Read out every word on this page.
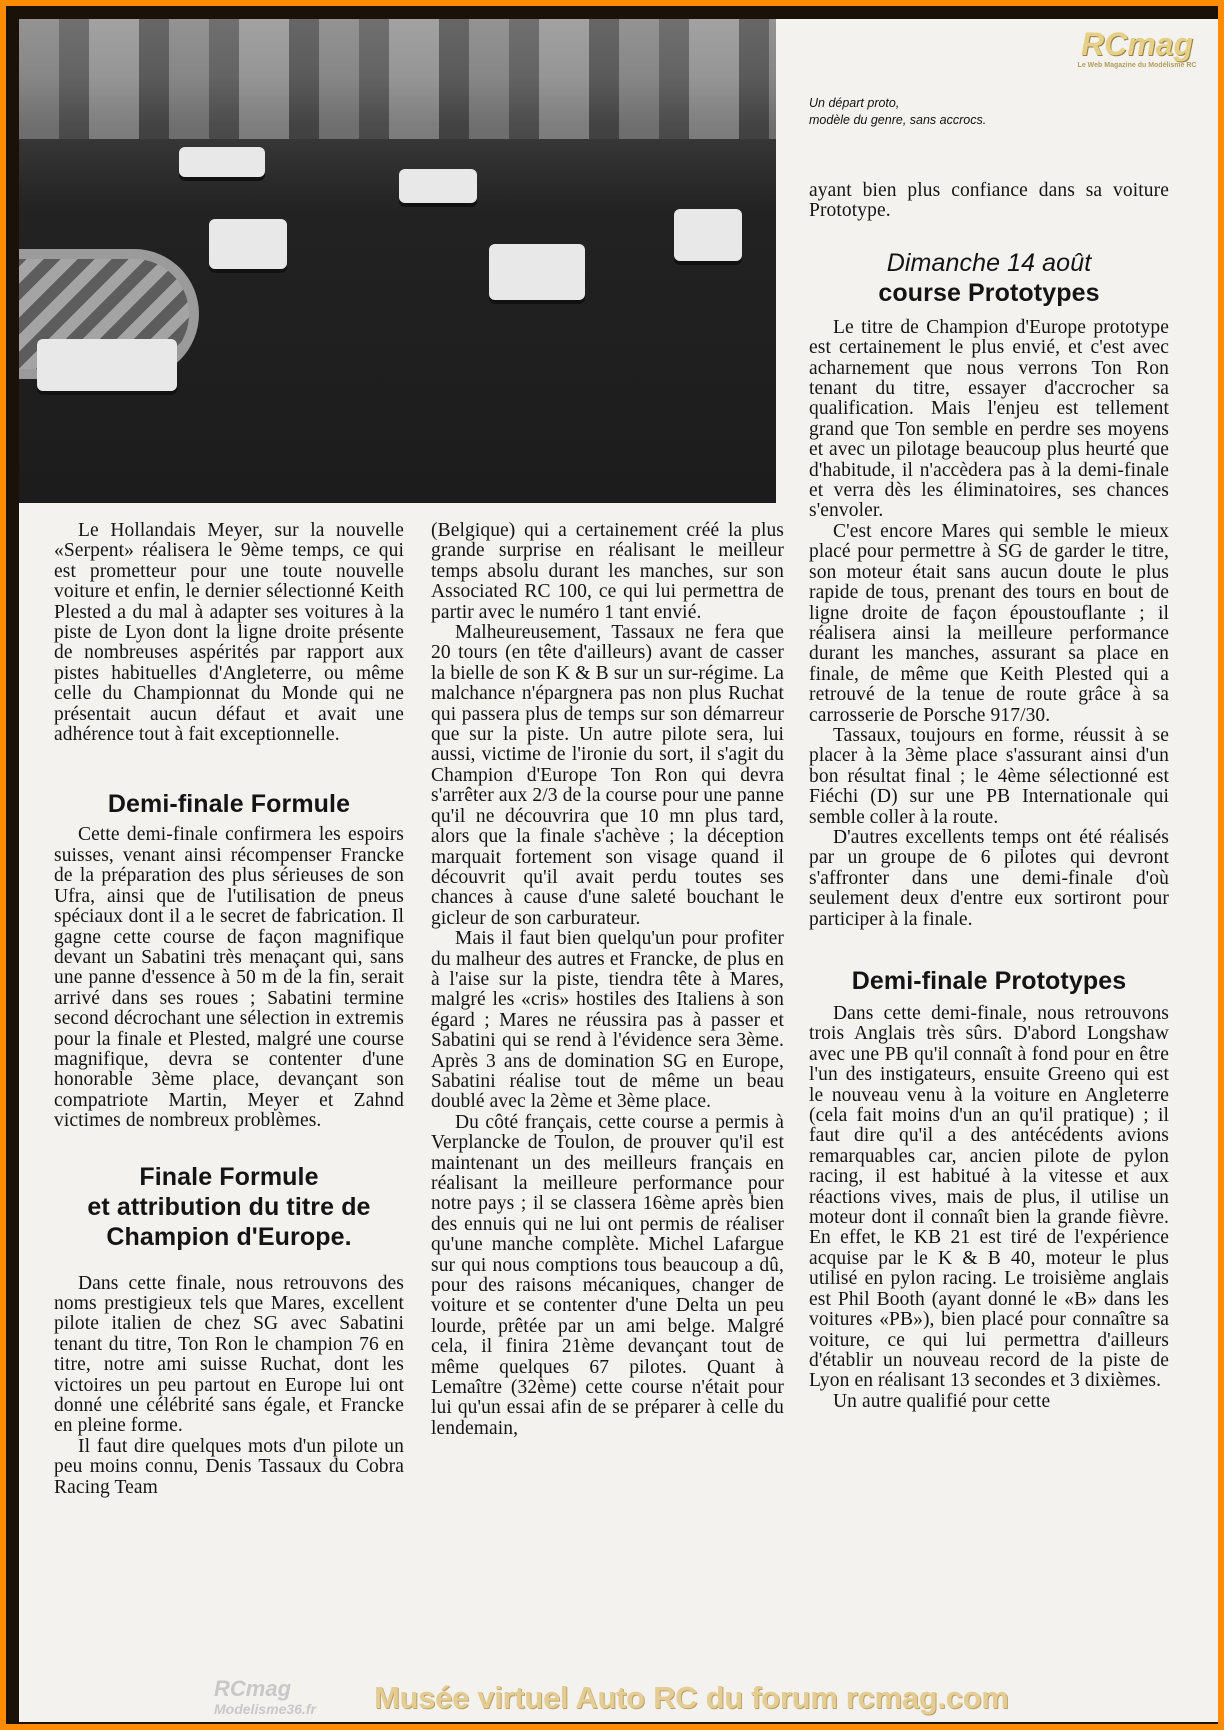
RCmag
Le Web Magazine du Modélisme RC
Un départ proto,
modèle du genre, sans accrocs.

Le Hollandais Meyer, sur la nouvelle «Serpent» réalisera le 9ème temps, ce qui est prometteur pour une toute nouvelle voiture et enfin, le dernier sélectionné Keith Plested a du mal à adapter ses voitures à la piste de Lyon dont la ligne droite présente de nombreuses aspérités par rapport aux pistes habituelles d'Angleterre, ou même celle du Championnat du Monde qui ne présentait aucun défaut et avait une adhérence tout à fait exceptionnelle.

Demi-finale Formule

Cette demi-finale confirmera les espoirs suisses, venant ainsi récompenser Francke de la préparation des plus sérieuses de son Ufra, ainsi que de l'utilisation de pneus spéciaux dont il a le secret de fabrication. Il gagne cette course de façon magnifique devant un Sabatini très menaçant qui, sans une panne d'essence à 50 m de la fin, serait arrivé dans ses roues ; Sabatini termine second décrochant une sélection in extremis pour la finale et Plested, malgré une course magnifique, devra se contenter d'une honorable 3ème place, devançant son compatriote Martin, Meyer et Zahnd victimes de nombreux problèmes.

Finale Formule
et attribution du titre de
Champion d'Europe.

Dans cette finale, nous retrouvons des noms prestigieux tels que Mares, excellent pilote italien de chez SG avec Sabatini tenant du titre, Ton Ron le champion 76 en titre, notre ami suisse Ruchat, dont les victoires un peu partout en Europe lui ont donné une célébrité sans égale, et Francke en pleine forme.

Il faut dire quelques mots d'un pilote un peu moins connu, Denis Tassaux du Cobra Racing Team

(Belgique) qui a certainement créé la plus grande surprise en réalisant le meilleur temps absolu durant les manches, sur son Associated RC 100, ce qui lui permettra de partir avec le numéro 1 tant envié.

Malheureusement, Tassaux ne fera que 20 tours (en tête d'ailleurs) avant de casser la bielle de son K & B sur un sur-régime. La malchance n'épargnera pas non plus Ruchat qui passera plus de temps sur son démarreur que sur la piste. Un autre pilote sera, lui aussi, victime de l'ironie du sort, il s'agit du Champion d'Europe Ton Ron qui devra s'arrêter aux 2/3 de la course pour une panne qu'il ne découvrira que 10 mn plus tard, alors que la finale s'achève ; la déception marquait fortement son visage quand il découvrit qu'il avait perdu toutes ses chances à cause d'une saleté bouchant le gicleur de son carburateur.

Mais il faut bien quelqu'un pour profiter du malheur des autres et Francke, de plus en à l'aise sur la piste, tiendra tête à Mares, malgré les «cris» hostiles des Italiens à son égard ; Mares ne réussira pas à passer et Sabatini qui se rend à l'évidence sera 3ème. Après 3 ans de domination SG en Europe, Sabatini réalise tout de même un beau doublé avec la 2ème et 3ème place.

Du côté français, cette course a permis à Verplancke de Toulon, de prouver qu'il est maintenant un des meilleurs français en réalisant la meilleure performance pour notre pays ; il se classera 16ème après bien des ennuis qui ne lui ont permis de réaliser qu'une manche complète. Michel Lafargue sur qui nous comptions tous beaucoup a dû, pour des raisons mécaniques, changer de voiture et se contenter d'une Delta un peu lourde, prêtée par un ami belge. Malgré cela, il finira 21ème devançant tout de même quelques 67 pilotes. Quant à Lemaître (32ème) cette course n'était pour lui qu'un essai afin de se préparer à celle du lendemain,

ayant bien plus confiance dans sa voiture Prototype.

Dimanche 14 août
course Prototypes

Le titre de Champion d'Europe prototype est certainement le plus envié, et c'est avec acharnement que nous verrons Ton Ron tenant du titre, essayer d'accrocher sa qualification. Mais l'enjeu est tellement grand que Ton semble en perdre ses moyens et avec un pilotage beaucoup plus heurté que d'habitude, il n'accèdera pas à la demi-finale et verra dès les éliminatoires, ses chances s'envoler.

C'est encore Mares qui semble le mieux placé pour permettre à SG de garder le titre, son moteur était sans aucun doute le plus rapide de tous, prenant des tours en bout de ligne droite de façon époustouflante ; il réalisera ainsi la meilleure performance durant les manches, assurant sa place en finale, de même que Keith Plested qui a retrouvé de la tenue de route grâce à sa carrosserie de Porsche 917/30.

Tassaux, toujours en forme, réussit à se placer à la 3ème place s'assurant ainsi d'un bon résultat final ; le 4ème sélectionné est Fiéchi (D) sur une PB Internationale qui semble coller à la route.

D'autres excellents temps ont été réalisés par un groupe de 6 pilotes qui devront s'affronter dans une demi-finale d'où seulement deux d'entre eux sortiront pour participer à la finale.

Demi-finale Prototypes

Dans cette demi-finale, nous retrouvons trois Anglais très sûrs. D'abord Longshaw avec une PB qu'il connaît à fond pour en être l'un des instigateurs, ensuite Greeno qui est le nouveau venu à la voiture en Angleterre (cela fait moins d'un an qu'il pratique) ; il faut dire qu'il a des antécédents avions remarquables car, ancien pilote de pylon racing, il est habitué à la vitesse et aux réactions vives, mais de plus, il utilise un moteur dont il connaît bien la grande fièvre. En effet, le KB 21 est tiré de l'expérience acquise par le K & B 40, moteur le plus utilisé en pylon racing. Le troisième anglais est Phil Booth (ayant donné le «B» dans les voitures «PB»), bien placé pour connaître sa voiture, ce qui lui permettra d'ailleurs d'établir un nouveau record de la piste de Lyon en réalisant 13 secondes et 3 dixièmes.

Un autre qualifié pour cette

RCmag
Modelisme36.fr	Musée virtuel Auto RC du forum rcmag.com
